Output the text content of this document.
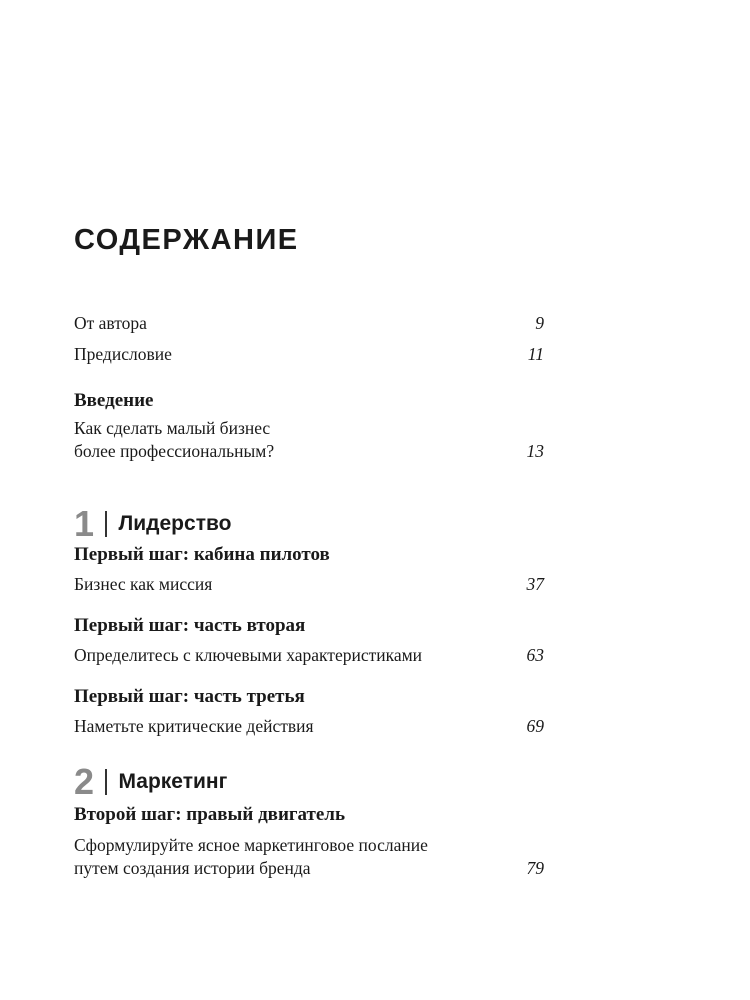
СОДЕРЖАНИЕ
От автора	9
Предисловие	11
Введение
Как сделать малый бизнес
более профессиональным?	13
1 Лидерство
Первый шаг: кабина пилотов
Бизнес как миссия	37
Первый шаг: часть вторая
Определитесь с ключевыми характеристиками	63
Первый шаг: часть третья
Наметьте критические действия	69
2 Маркетинг
Второй шаг: правый двигатель
Сформулируйте ясное маркетинговое послание
путем создания истории бренда	79
